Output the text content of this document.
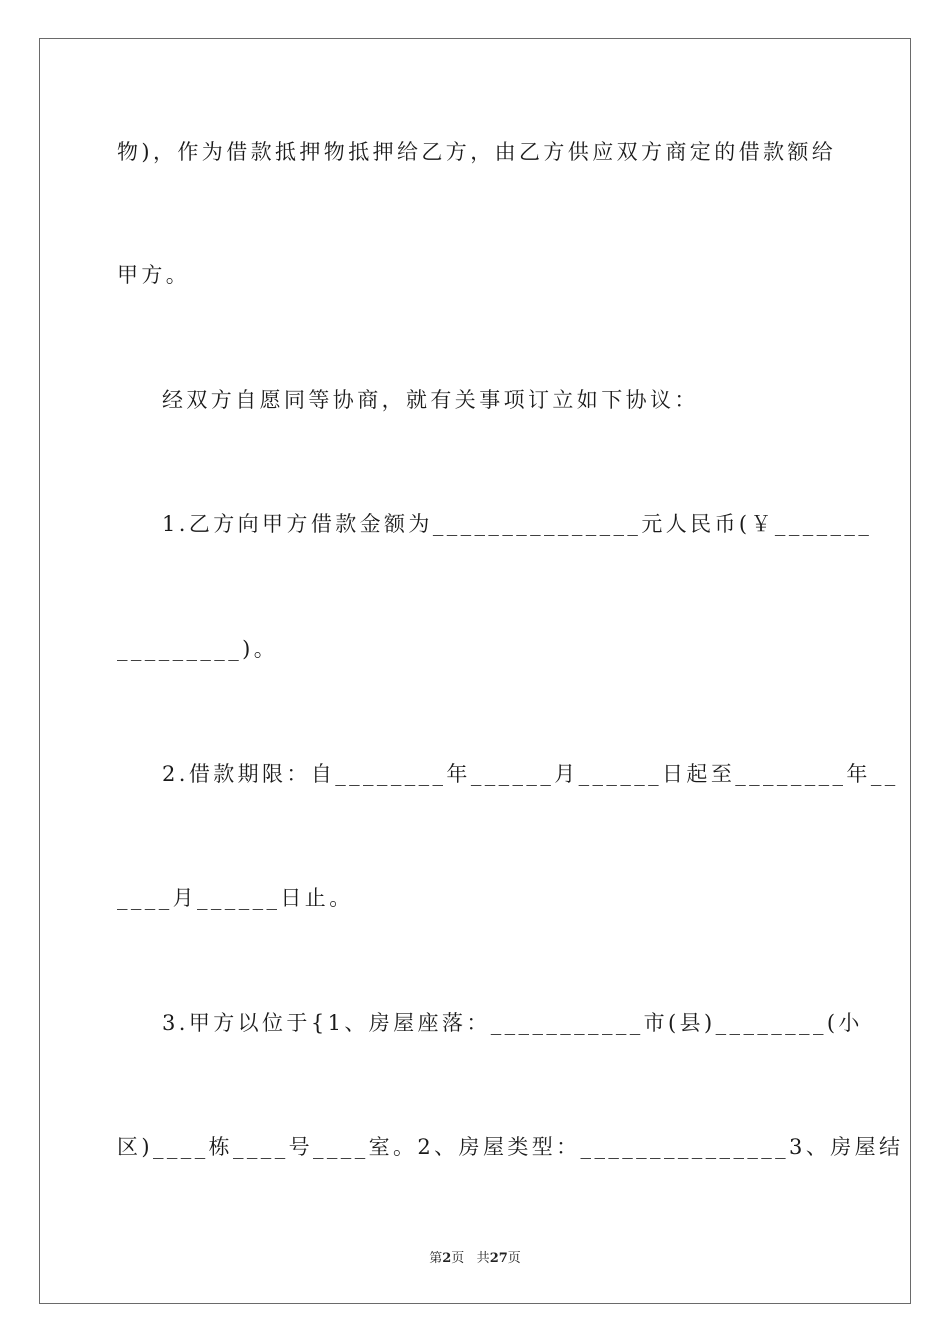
物)，作为借款抵押物抵押给乙方，由乙方供应双方商定的借款额给
甲方。
经双方自愿同等协商，就有关事项订立如下协议：
1.乙方向甲方借款金额为_______________元人民币(￥_______
_________)。
2.借款期限：自________年______月______日起至________年__
____月______日止。
3.甲方以位于{1、房屋座落：___________市(县)________(小
区)____栋____号____室。2、房屋类型：_______________3、房屋结
第2页 共27页
